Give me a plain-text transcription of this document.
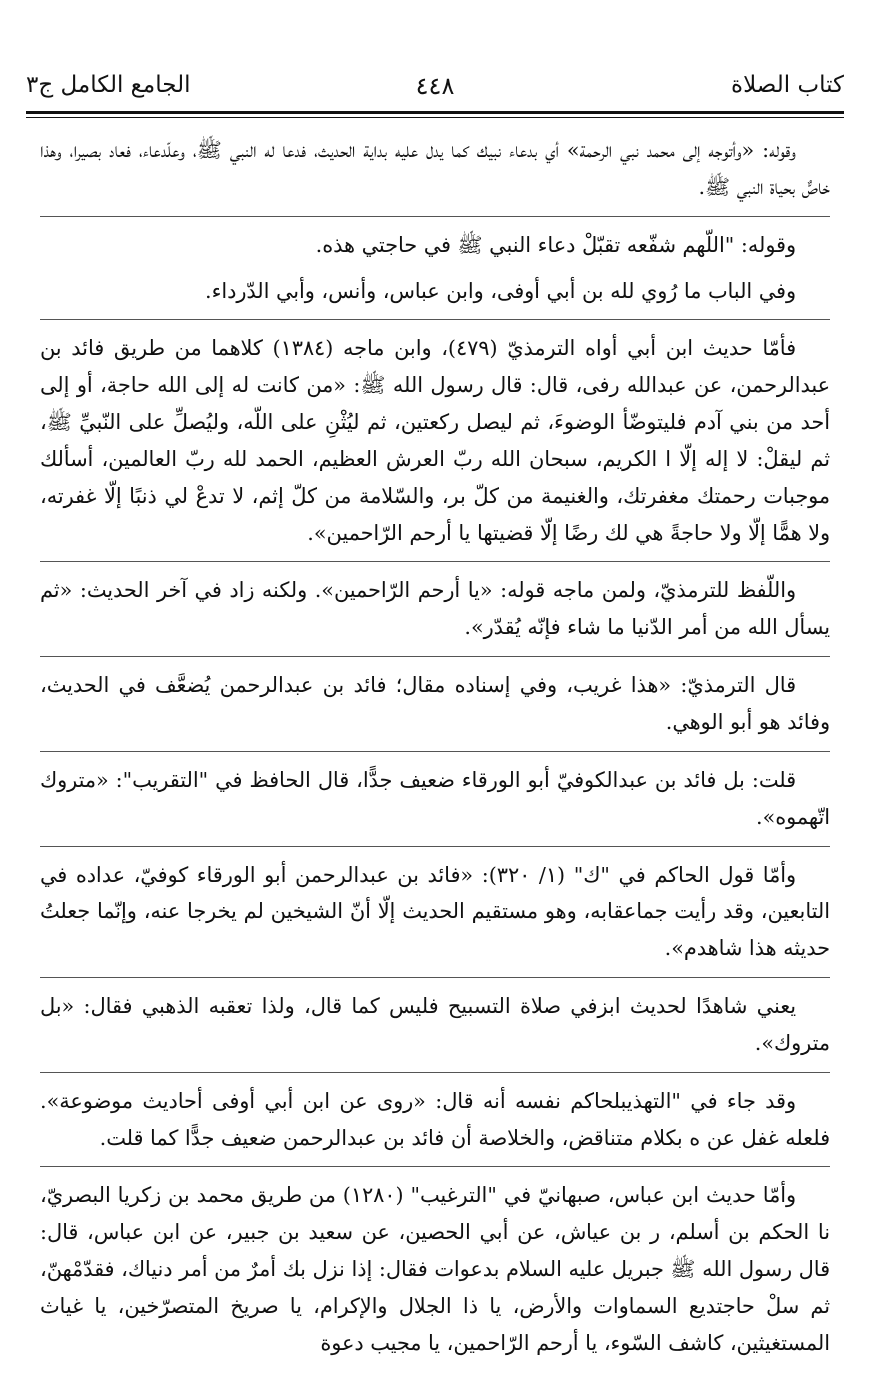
كتاب الصلاة
٤٤٨
الجامع الكامل ج٣

وقوله: «وأتوجه إلى محمد نبي الرحمة» أي بدعاء نبيك كما يدل عليه بداية الحديث، فدعا له النبي ﷺ، وعلّدعاء، فعاد بصيرا، وهذا خاصٌّ بحياة النبي ﷺ.

وقوله: "اللّهم شفّعه تقبّلْ دعاء النبي ﷺ في حاجتي هذه.

وفي الباب ما رُوي لله بن أبي أوفى، وابن عباس، وأنس، وأبي الدّرداء.

فأمّا حديث ابن أبي أواه الترمذيّ (٤٧٩)، وابن ماجه (١٣٨٤) كلاهما من طريق فائد بن عبدالرحمن، عن عبدالله رفى، قال: قال رسول الله ﷺ: «من كانت له إلى الله حاجة، أو إلى أحد من بني آدم فليتوضّأ الوضوءَ، ثم ليصل ركعتين، ثم ليُثْنِ على اللّه، وليُصلِّ على النّبيِّ ﷺ، ثم ليقلْ: لا إله إلّا ا الكريم، سبحان الله ربّ العرش العظيم، الحمد لله ربّ العالمين، أسألك موجبات رحمتك مغفرتك، والغنيمة من كلّ بر، والسّلامة من كلّ إثم، لا تدعْ لي ذنبًا إلّا غفرته، ولا همًّا إلّا ولا حاجةً هي لك رضًا إلّا قضيتها يا أرحم الرّاحمين».

واللّفظ للترمذيّ، ولمن ماجه قوله: «يا أرحم الرّاحمين». ولكنه زاد في آخر الحديث: «ثم يسأل الله من أمر الدّنيا ما شاء فإنّه يُقدّر».

قال الترمذيّ: «هذا غريب، وفي إسناده مقال؛ فائد بن عبدالرحمن يُضعَّف في الحديث، وفائد هو أبو الوهي.

قلت: بل فائد بن عبدالكوفيّ أبو الورقاء ضعيف جدًّا، قال الحافظ في "التقريب": «متروك اتّهموه».

وأمّا قول الحاكم في "ك" (١/ ٣٢٠): «فائد بن عبدالرحمن أبو الورقاء كوفيّ، عداده في التابعين، وقد رأيت جماعقابه، وهو مستقيم الحديث إلّا أنّ الشيخين لم يخرجا عنه، وإنّما جعلتُ حديثه هذا شاهدم».

يعني شاهدًا لحديث ابزفي صلاة التسبيح فليس كما قال، ولذا تعقبه الذهبي فقال: «بل متروك».

وقد جاء في "التهذيبلحاكم نفسه أنه قال: «روى عن ابن أبي أوفى أحاديث موضوعة». فلعله غفل عن ه بكلام متناقض، والخلاصة أن فائد بن عبدالرحمن ضعيف جدًّا كما قلت.

وأمّا حديث ابن عباس، صبهانيّ في "الترغيب" (١٢٨٠) من طريق محمد بن زكريا البصريّ، نا الحكم بن أسلم، ر بن عياش، عن أبي الحصين، عن سعيد بن جبير، عن ابن عباس، قال: قال رسول الله ﷺ جبريل عليه السلام بدعوات فقال: إذا نزل بك أمرٌ من أمر دنياك، فقدّمْهنّ، ثم سلْ حاجتديع السماوات والأرض، يا ذا الجلال والإكرام، يا صريخ المتصرّخين، يا غياث المستغيثين، كاشف السّوء، يا أرحم الرّاحمين، يا مجيب دعوة
